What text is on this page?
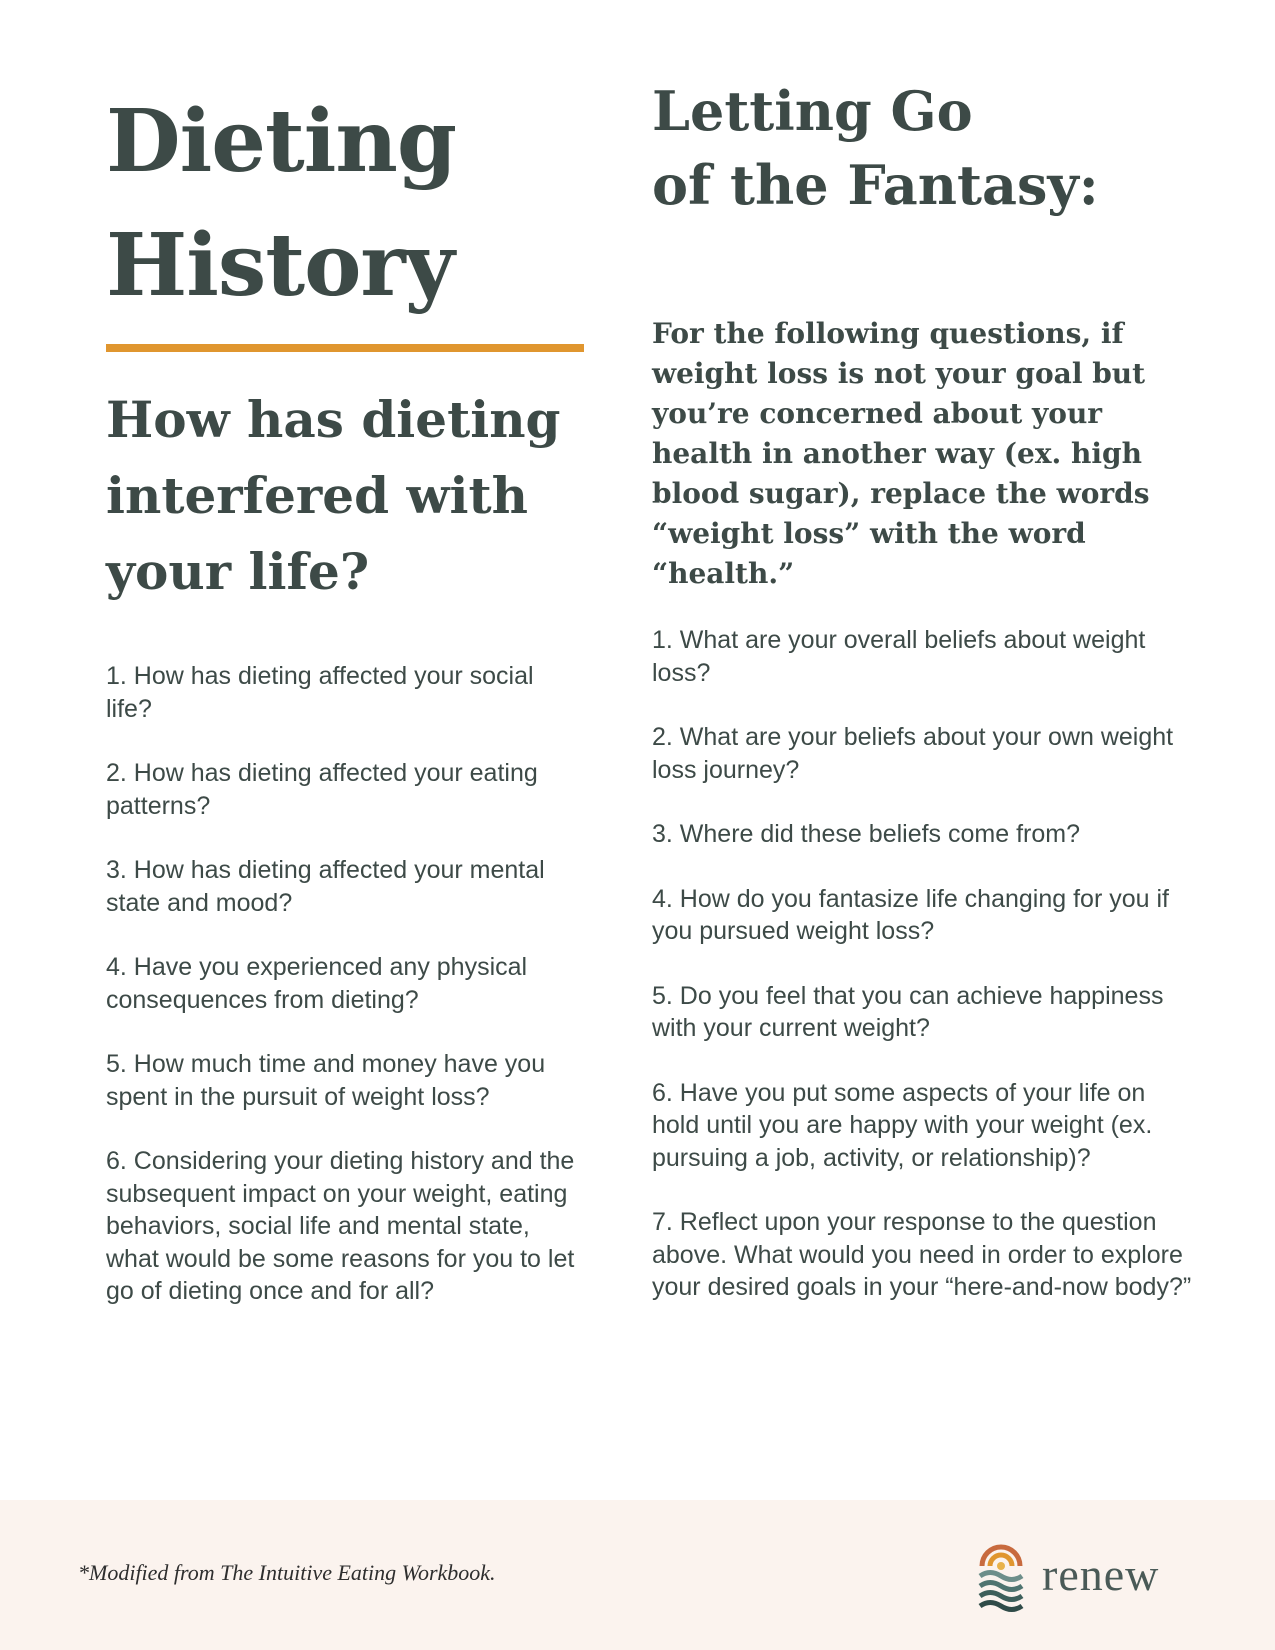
Dieting
History
How has dieting interfered with your life?
1. How has dieting affected your social life?
2. How has dieting affected your eating patterns?
3. How has dieting affected your mental state and mood?
4. Have you experienced any physical consequences from dieting?
5. How much time and money have you spent in the pursuit of weight loss?
6. Considering your dieting history and the subsequent impact on your weight, eating behaviors, social life and mental state, what would be some reasons for you to let go of dieting once and for all?
Letting Go
of the Fantasy:

For the following questions, if weight loss is not your goal but you’re concerned about your health in another way (ex. high blood sugar), replace the words “weight loss” with the word “health.”

1. What are your overall beliefs about weight loss?
2. What are your beliefs about your own weight loss journey?
3. Where did these beliefs come from?
4. How do you fantasize life changing for you if you pursued weight loss?
5. Do you feel that you can achieve happiness with your current weight?
6. Have you put some aspects of your life on hold until you are happy with your weight (ex. pursuing a job, activity, or relationship)?
7. Reflect upon your response to the question above. What would you need in order to explore your desired goals in your “here-and-now body?”
*Modified from The Intuitive Eating Workbook.	renew
